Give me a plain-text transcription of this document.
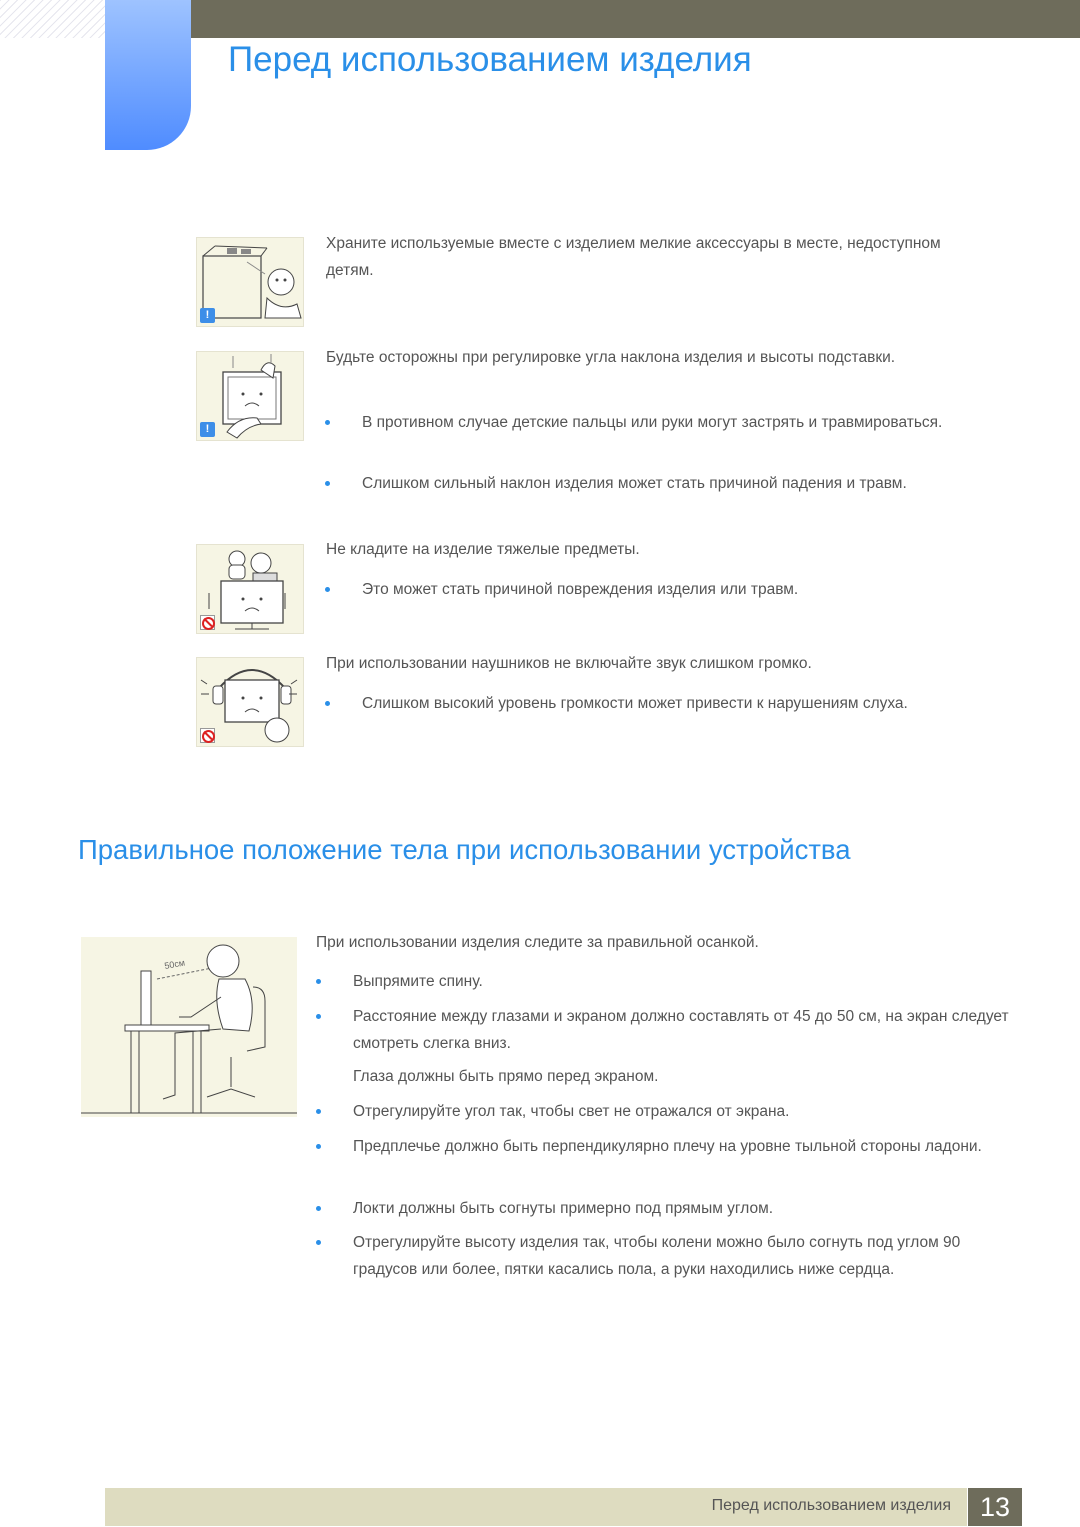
Перед использованием изделия
!
Храните используемые вместе с изделием мелкие аксессуары в месте, недоступном детям.
!
Будьте осторожны при регулировке угла наклона изделия и высоты подставки.
В противном случае детские пальцы или руки могут застрять и травмироваться.
Слишком сильный наклон изделия может стать причиной падения и травм.
Не кладите на изделие тяжелые предметы.
Это может стать причиной повреждения изделия или травм.
При использовании наушников не включайте звук слишком громко.
Слишком высокий уровень громкости может привести к нарушениям слуха.
Правильное положение тела при использовании устройства
50см
При использовании изделия следите за правильной осанкой.
Выпрямите спину.
Расстояние между глазами и экраном должно составлять от 45 до 50 см, на экран следует смотреть слегка вниз.
Глаза должны быть прямо перед экраном.
Отрегулируйте угол так, чтобы свет не отражался от экрана.
Предплечье должно быть перпендикулярно плечу на уровне тыльной стороны ладони.
Локти должны быть согнуты примерно под прямым углом.
Отрегулируйте высоту изделия так, чтобы колени можно было согнуть под углом 90 градусов или более, пятки касались пола, а руки находились ниже сердца.
Перед использованием изделия	13
